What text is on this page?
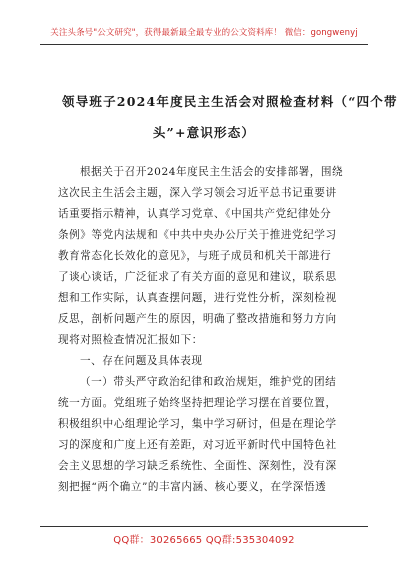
关注头条号"公文研究"，获得最新最全最专业的公文资料库！ 微信：gongwenyj
领导班子2024年度民主生活会对照检查材料（“四个带
头”+意识形态）
根据关于召开2024年度民主生活会的安排部署，围绕
这次民主生活会主题，深入学习领会习近平总书记重要讲
话重要指示精神，认真学习党章、《中国共产党纪律处分
条例》等党内法规和《中共中央办公厅关于推进党纪学习
教育常态化长效化的意见》，与班子成员和机关干部进行
了谈心谈话，广泛征求了有关方面的意见和建议，联系思
想和工作实际，认真查摆问题，进行党性分析，深刻检视
反思，剖析问题产生的原因，明确了整改措施和努力方向
现将对照检查情况汇报如下：
一、存在问题及具体表现
（一）带头严守政治纪律和政治规矩，维护党的团结
统一方面。党组班子始终坚持把理论学习摆在首要位置，
积极组织中心组理论学习，集中学习研讨，但是在理论学
习的深度和广度上还有差距，对习近平新时代中国特色社
会主义思想的学习缺乏系统性、全面性、深刻性，没有深
刻把握“两个确立”的丰富内涵、核心要义，在学深悟透
QQ群：30265665 QQ群:535304092
